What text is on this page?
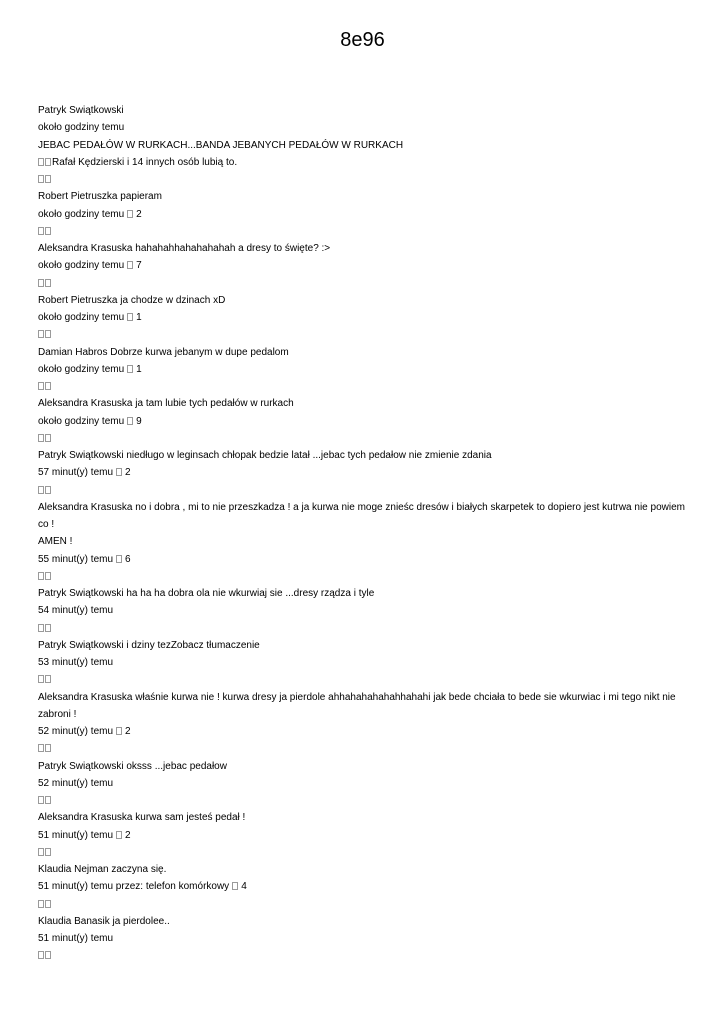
8e96
Patryk Swiątkowski
około godziny temu
JEBAC PEDAŁÓW W RURKACH...BANDA JEBANYCH PEDAŁÓW W RURKACH
Rafał Kędzierski i 14 innych osób lubią to.
Robert Pietruszka papieram
około godziny temu 2
Aleksandra Krasuska hahahahhahahahahah a dresy to święte? :>
około godziny temu 7
Robert Pietruszka ja chodze w dzinach xD
około godziny temu 1
Damian Habros Dobrze kurwa jebanym w dupe pedalom
około godziny temu 1
Aleksandra Krasuska ja tam lubie tych pedałów w rurkach
około godziny temu 9
Patryk Swiątkowski niedługo w leginsach chłopak bedzie latał ...jebac tych pedałow nie zmienie zdania
57 minut(y) temu 2
Aleksandra Krasuska no i dobra , mi to nie przeszkadza ! a ja kurwa nie moge znieśc dresów i białych skarpetek to dopiero jest kutrwa nie powiem co !
AMEN !
55 minut(y) temu 6
Patryk Swiątkowski ha ha ha dobra ola nie wkurwiaj sie ...dresy rządza i tyle
54 minut(y) temu
Patryk Swiątkowski i dziny tezZobacz tłumaczenie
53 minut(y) temu
Aleksandra Krasuska właśnie kurwa nie ! kurwa dresy ja pierdole ahhahahahahahhahahi jak bede chciała to bede sie wkurwiac i mi tego nikt nie
zabroni !
52 minut(y) temu 2
Patryk Swiątkowski oksss ...jebac pedałow
52 minut(y) temu
Aleksandra Krasuska kurwa sam jesteś pedał !
51 minut(y) temu 2
Klaudia Nejman zaczyna się.
51 minut(y) temu przez: telefon komórkowy 4
Klaudia Banasik ja pierdolee..
51 minut(y) temu
